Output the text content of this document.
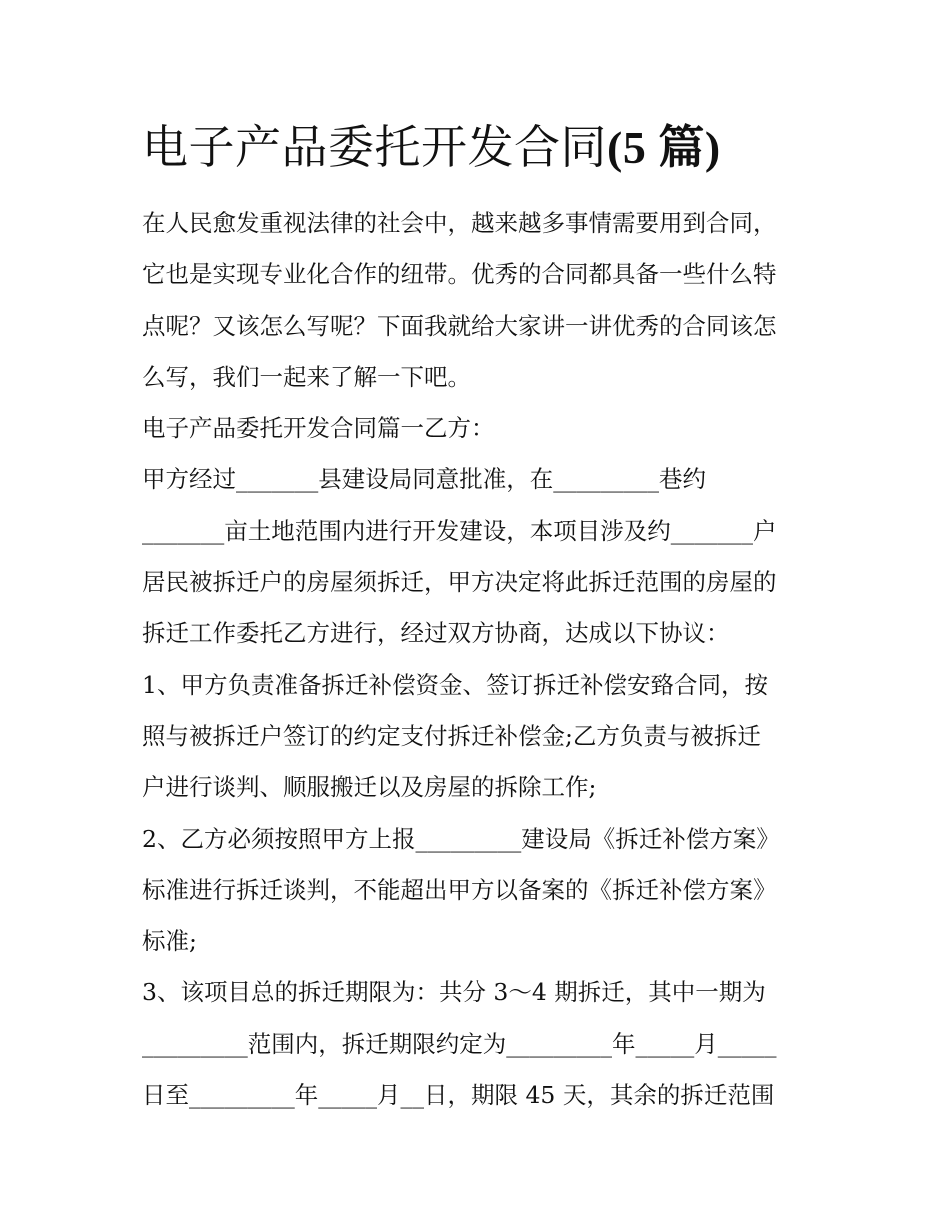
电子产品委托开发合同(5 篇)
在人民愈发重视法律的社会中，越来越多事情需要用到合同，
它也是实现专业化合作的纽带。优秀的合同都具备一些什么特
点呢？又该怎么写呢？下面我就给大家讲一讲优秀的合同该怎
么写，我们一起来了解一下吧。
电子产品委托开发合同篇一乙方：
甲方经过_______县建设局同意批准，在_________巷约
_______亩土地范围内进行开发建设，本项目涉及约_______户
居民被拆迁户的房屋须拆迁，甲方决定将此拆迁范围的房屋的
拆迁工作委托乙方进行，经过双方协商，达成以下协议：
1、甲方负责准备拆迁补偿资金、签订拆迁补偿安臵合同，按
照与被拆迁户签订的约定支付拆迁补偿金;乙方负责与被拆迁
户进行谈判、顺服搬迁以及房屋的拆除工作;
2、乙方必须按照甲方上报_________建设局《拆迁补偿方案》
标准进行拆迁谈判，不能超出甲方以备案的《拆迁补偿方案》
标准;
3、该项目总的拆迁期限为：共分 3～4 期拆迁，其中一期为
_________范围内，拆迁期限约定为_________年_____月_____
日至_________年_____月__日，期限 45 天，其余的拆迁范围
